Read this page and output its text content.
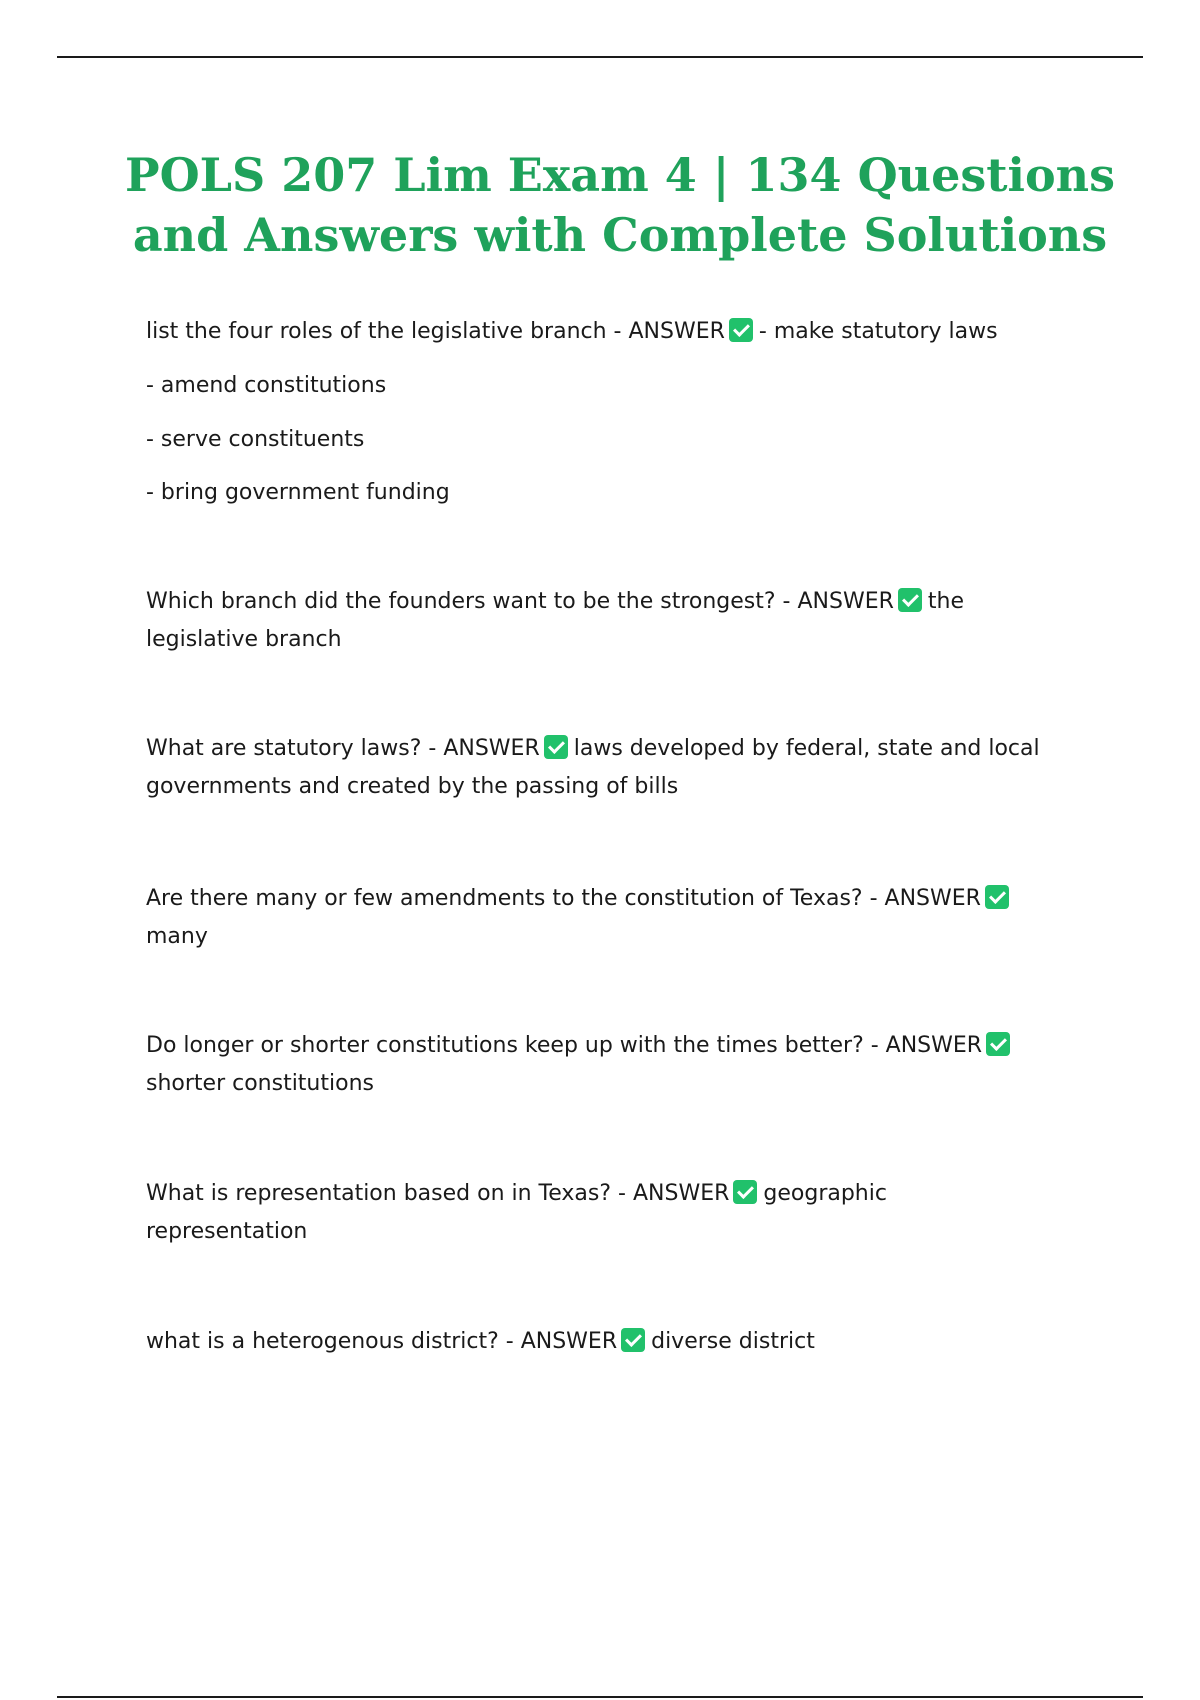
POLS 207 Lim Exam 4 | 134 Questions
and Answers with Complete Solutions
list the four roles of the legislative branch - ANSWER - make statutory laws
- amend constitutions
- serve constituents
- bring government funding
Which branch did the founders want to be the strongest? - ANSWER the
legislative branch
What are statutory laws? - ANSWER laws developed by federal, state and local
governments and created by the passing of bills
Are there many or few amendments to the constitution of Texas? - ANSWER
many
Do longer or shorter constitutions keep up with the times better? - ANSWER
shorter constitutions
What is representation based on in Texas? - ANSWER geographic
representation
what is a heterogenous district? - ANSWER diverse district
